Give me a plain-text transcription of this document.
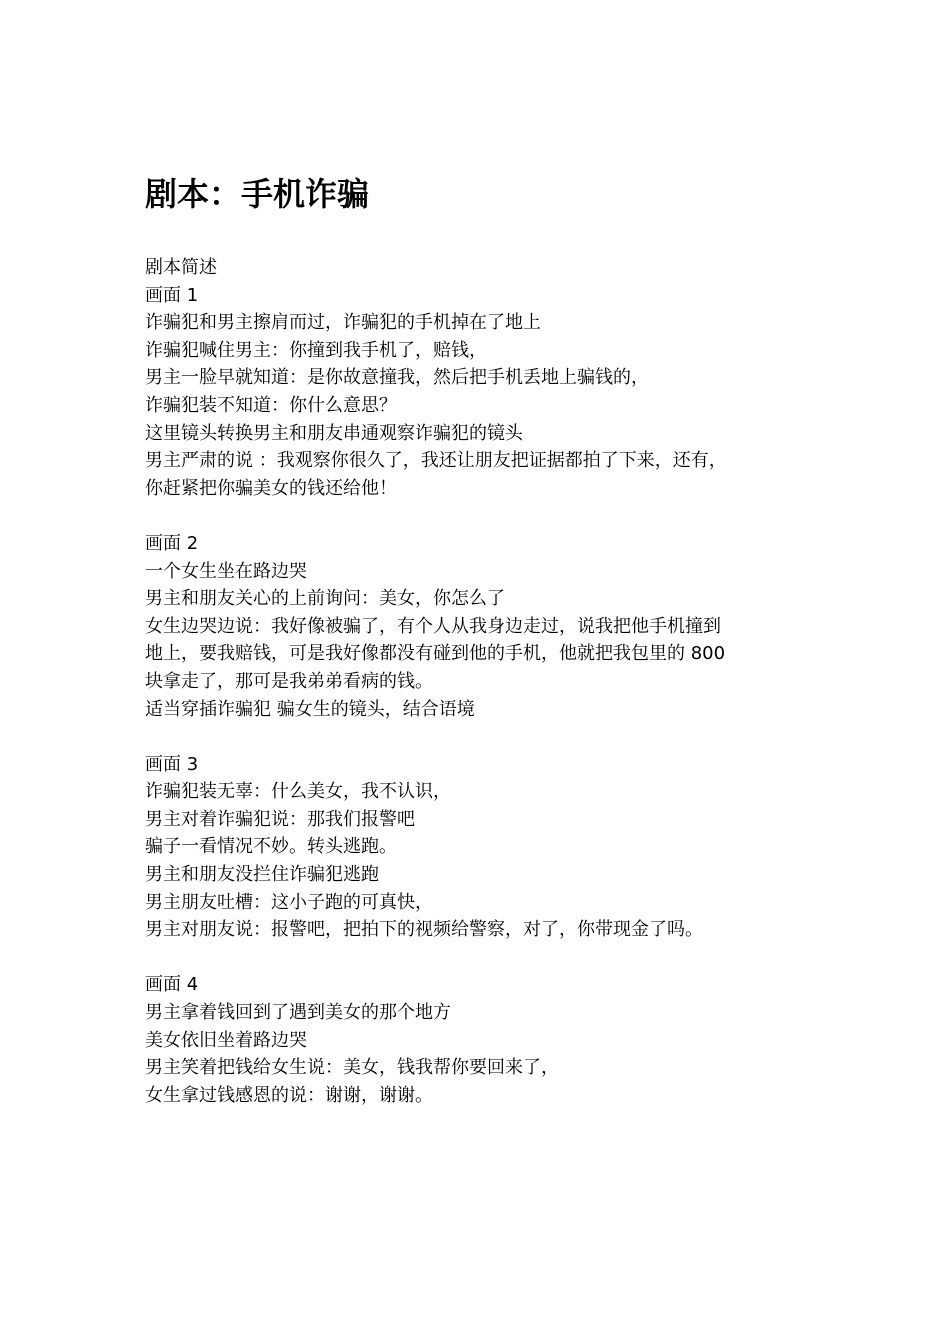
剧本：手机诈骗
剧本简述
画面 1
诈骗犯和男主擦肩而过，诈骗犯的手机掉在了地上
诈骗犯喊住男主：你撞到我手机了，赔钱，
男主一脸早就知道：是你故意撞我，然后把手机丢地上骗钱的，
诈骗犯装不知道：你什么意思？
这里镜头转换男主和朋友串通观察诈骗犯的镜头
男主严肃的说 ：我观察你很久了，我还让朋友把证据都拍了下来，还有，
你赶紧把你骗美女的钱还给他！
画面 2
一个女生坐在路边哭
男主和朋友关心的上前询问：美女，你怎么了
女生边哭边说：我好像被骗了，有个人从我身边走过，说我把他手机撞到
地上，要我赔钱，可是我好像都没有碰到他的手机，他就把我包里的 800
块拿走了，那可是我弟弟看病的钱。
适当穿插诈骗犯 骗女生的镜头，结合语境
画面 3
诈骗犯装无辜：什么美女，我不认识，
男主对着诈骗犯说：那我们报警吧
骗子一看情况不妙。转头逃跑。
男主和朋友没拦住诈骗犯逃跑
男主朋友吐槽：这小子跑的可真快，
男主对朋友说：报警吧，把拍下的视频给警察，对了，你带现金了吗。
画面 4
男主拿着钱回到了遇到美女的那个地方
美女依旧坐着路边哭
男主笑着把钱给女生说：美女，钱我帮你要回来了，
女生拿过钱感恩的说：谢谢，谢谢。
